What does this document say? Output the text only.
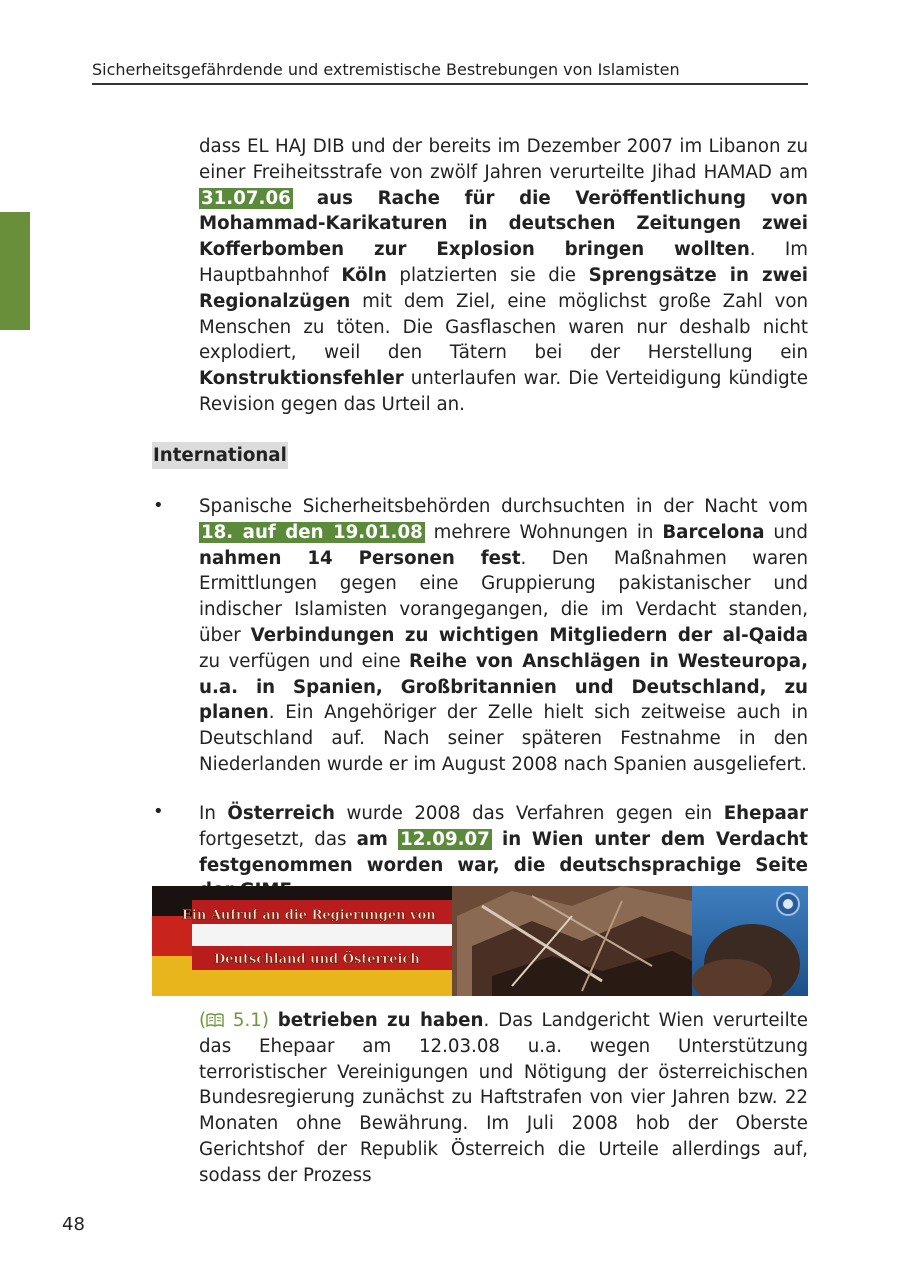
Sicherheitsgefährdende und extremistische Bestrebungen von Islamisten
dass EL HAJ DIB und der bereits im Dezember 2007 im Libanon zu einer Freiheitsstrafe von zwölf Jahren verurteilte Jihad HAMAD am 31.07.06 aus Rache für die Veröffentlichung von Mohammad-Karikaturen in deutschen Zeitungen zwei Kofferbomben zur Explosion bringen wollten. Im Hauptbahnhof Köln platzierten sie die Sprengsätze in zwei Regionalzügen mit dem Ziel, eine möglichst große Zahl von Menschen zu töten. Die Gasflaschen waren nur deshalb nicht explodiert, weil den Tätern bei der Herstellung ein Konstruktionsfehler unterlaufen war. Die Verteidigung kündigte Revision gegen das Urteil an.
International
• Spanische Sicherheitsbehörden durchsuchten in der Nacht vom 18. auf den 19.01.08 mehrere Wohnungen in Barcelona und nahmen 14 Personen fest. Den Maßnahmen waren Ermittlungen gegen eine Gruppierung pakistanischer und indischer Islamisten vorangegangen, die im Verdacht standen, über Verbindungen zu wichtigen Mitgliedern der al-Qaida zu verfügen und eine Reihe von Anschlägen in Westeuropa, u.a. in Spanien, Großbritannien und Deutschland, zu planen. Ein Angehöriger der Zelle hielt sich zeitweise auch in Deutschland auf. Nach seiner späteren Festnahme in den Niederlanden wurde er im August 2008 nach Spanien ausgeliefert.
• In Österreich wurde 2008 das Verfahren gegen ein Ehepaar fortgesetzt, das am 12.09.07 in Wien unter dem Verdacht festgenommen worden war, die deutschsprachige Seite
Ein Aufruf an die Regierungen von
Deutschland und Österreich
( 5.1) betrieben zu haben. Das Landgericht Wien verurteilte das Ehepaar am 12.03.08 u.a. wegen Unterstützung terroristischer Vereinigungen und Nötigung der österreichischen Bundesregierung zunächst zu Haftstrafen von vier Jahren bzw. 22 Monaten ohne Bewährung. Im Juli 2008 hob der Oberste Gerichtshof der Republik Österreich die Urteile allerdings auf, sodass der Prozess
48
